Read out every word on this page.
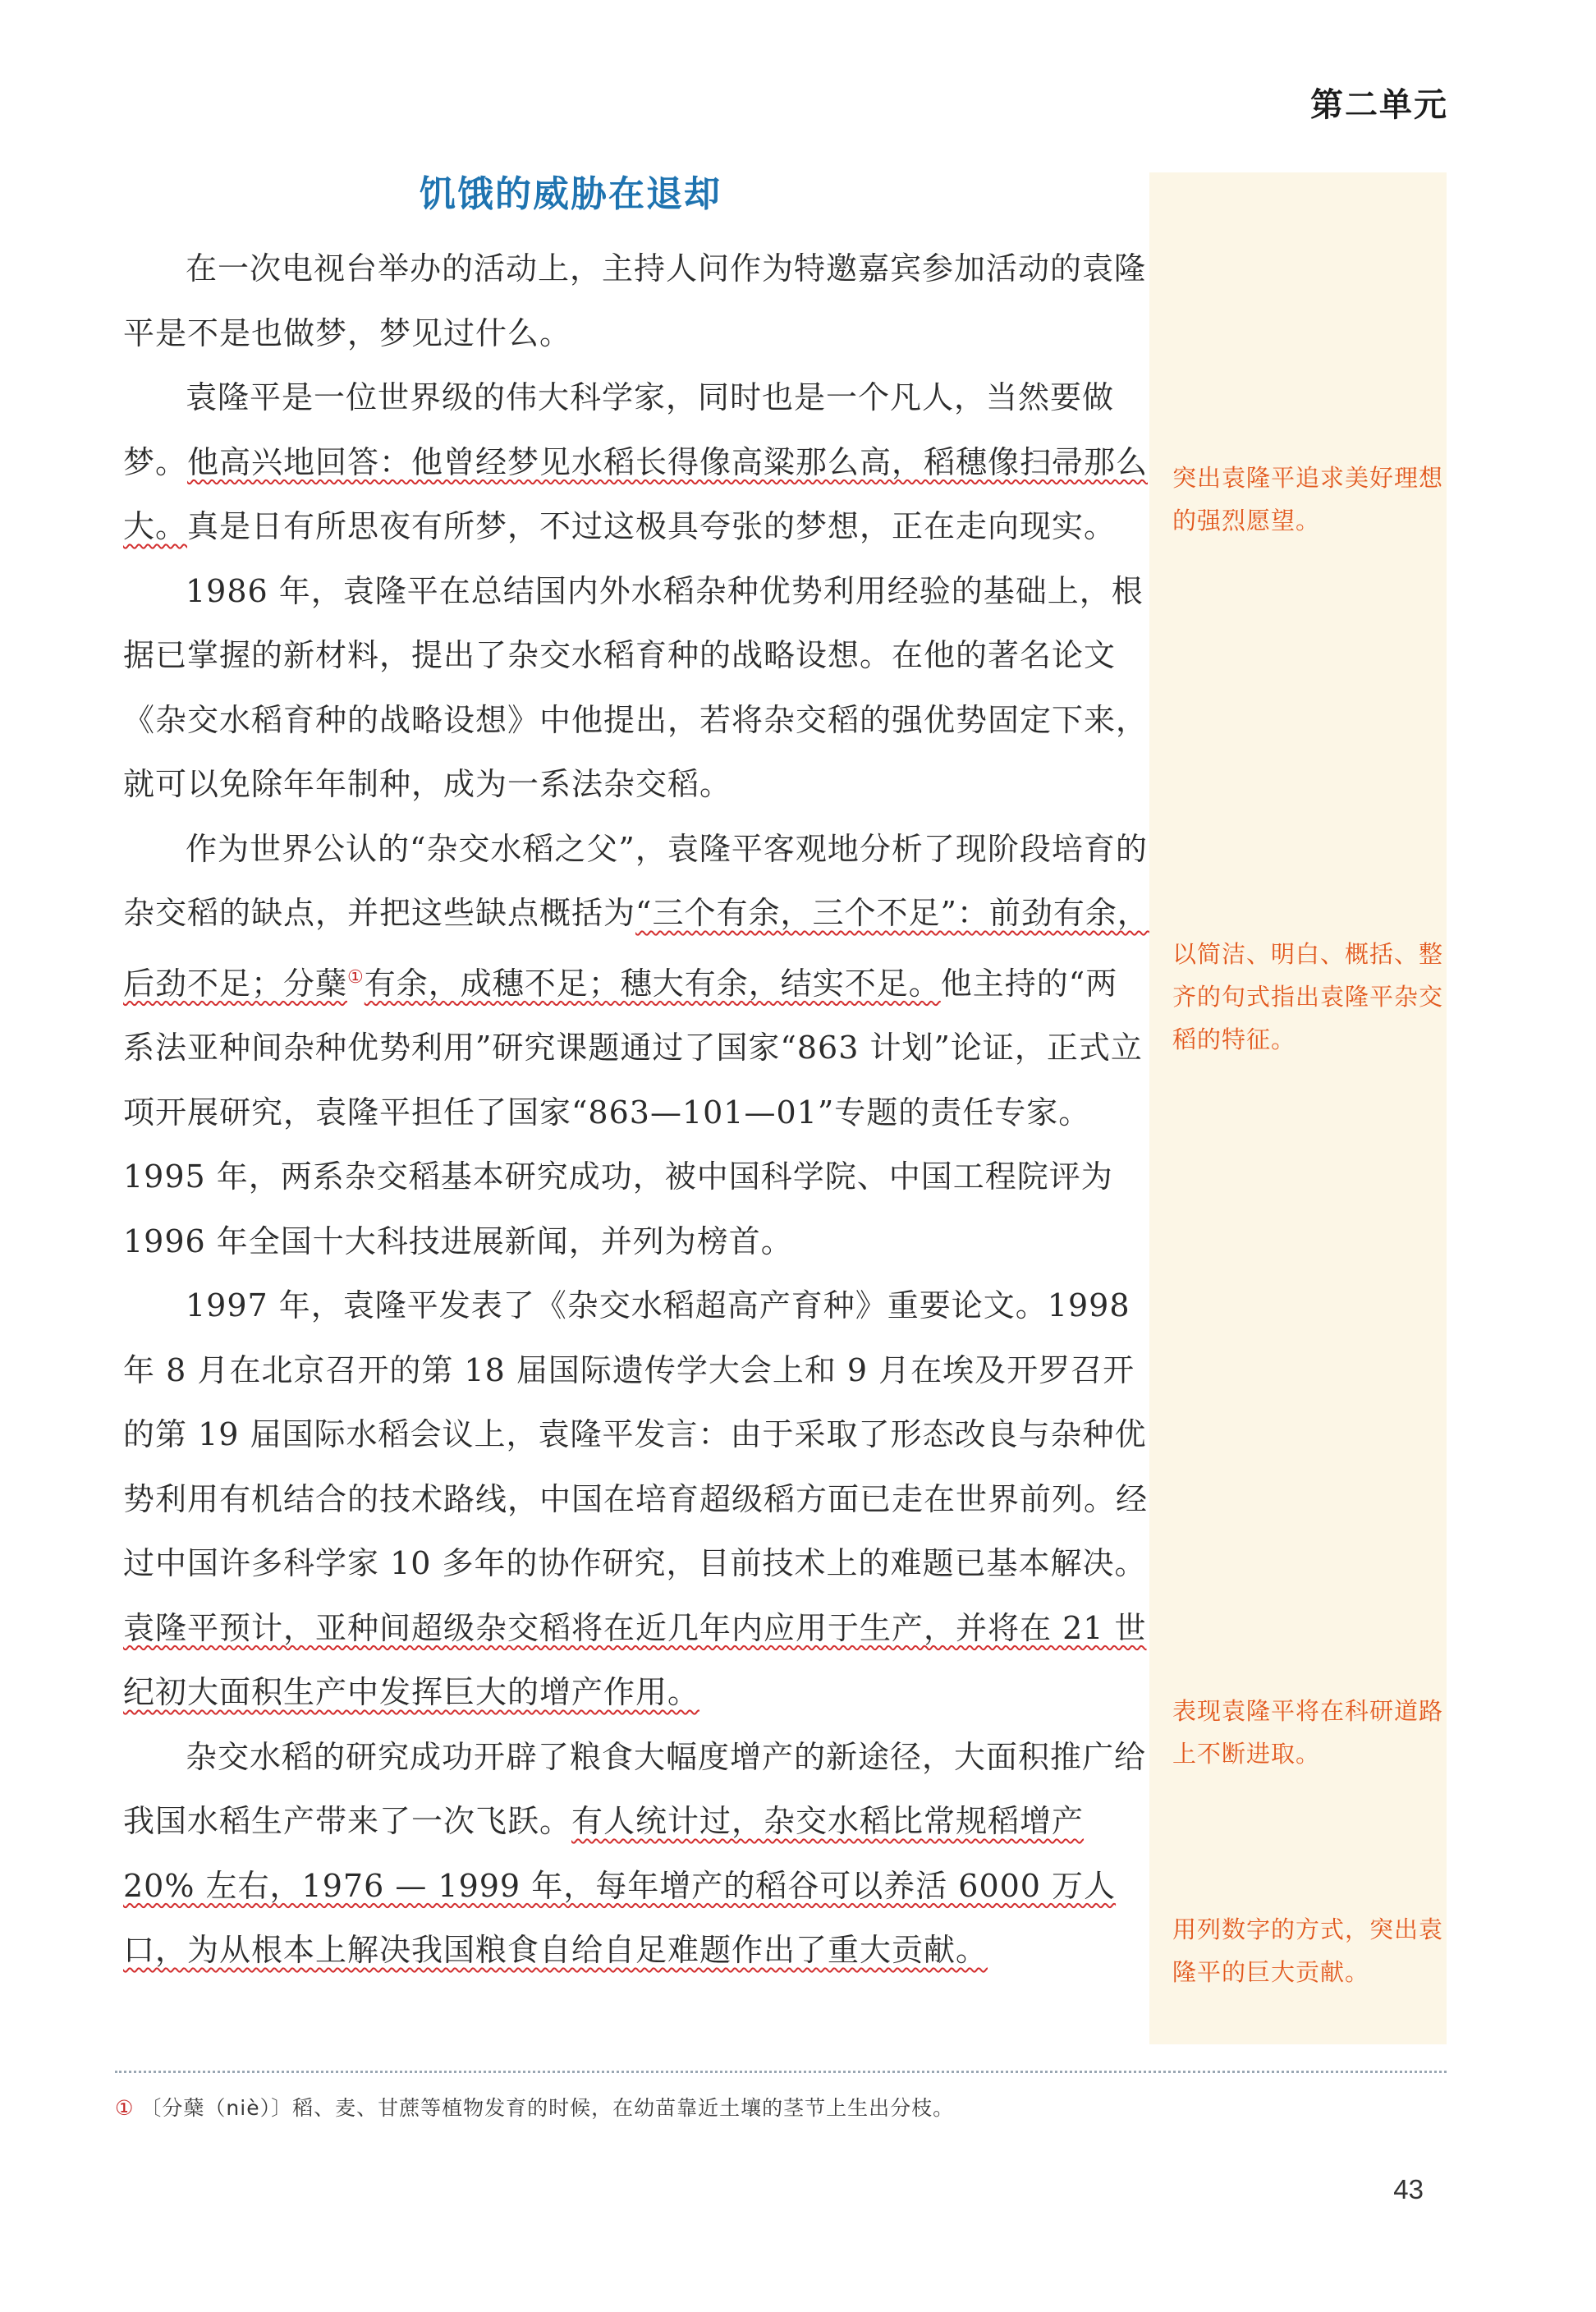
第二单元
饥饿的威胁在退却

在一次电视台举办的活动上，主持人问作为特邀嘉宾参加活动的袁隆平是不是也做梦，梦见过什么。

袁隆平是一位世界级的伟大科学家，同时也是一个凡人，当然要做梦。他高兴地回答：他曾经梦见水稻长得像高粱那么高，稻穗像扫帚那么大。真是日有所思夜有所梦，不过这极具夸张的梦想，正在走向现实。

1986 年，袁隆平在总结国内外水稻杂种优势利用经验的基础上，根据已掌握的新材料，提出了杂交水稻育种的战略设想。在他的著名论文《杂交水稻育种的战略设想》中他提出，若将杂交稻的强优势固定下来，就可以免除年年制种，成为一系法杂交稻。

作为世界公认的“杂交水稻之父”，袁隆平客观地分析了现阶段培育的杂交稻的缺点，并把这些缺点概括为“三个有余，三个不足”：前劲有余，后劲不足；分蘖①有余，成穗不足；穗大有余，结实不足。他主持的“两系法亚种间杂种优势利用”研究课题通过了国家“863 计划”论证，正式立项开展研究，袁隆平担任了国家“863—101—01”专题的责任专家。1995 年，两系杂交稻基本研究成功，被中国科学院、中国工程院评为 1996 年全国十大科技进展新闻，并列为榜首。

1997 年，袁隆平发表了《杂交水稻超高产育种》重要论文。1998 年 8 月在北京召开的第 18 届国际遗传学大会上和 9 月在埃及开罗召开的第 19 届国际水稻会议上，袁隆平发言：由于采取了形态改良与杂种优势利用有机结合的技术路线，中国在培育超级稻方面已走在世界前列。经过中国许多科学家 10 多年的协作研究，目前技术上的难题已基本解决。袁隆平预计，亚种间超级杂交稻将在近几年内应用于生产，并将在 21 世纪初大面积生产中发挥巨大的增产作用。

杂交水稻的研究成功开辟了粮食大幅度增产的新途径，大面积推广给我国水稻生产带来了一次飞跃。有人统计过，杂交水稻比常规稻增产 20% 左右，1976 — 1999 年，每年增产的稻谷可以养活 6000 万人口，为从根本上解决我国粮食自给自足难题作出了重大贡献。

突出袁隆平追求美好理想的强烈愿望。
以简洁、明白、概括、整齐的句式指出袁隆平杂交稻的特征。
表现袁隆平将在科研道路上不断进取。
用列数字的方式，突出袁隆平的巨大贡献。
① 〔分蘖（niè）〕稻、麦、甘蔗等植物发育的时候，在幼苗靠近土壤的茎节上生出分枝。
43
